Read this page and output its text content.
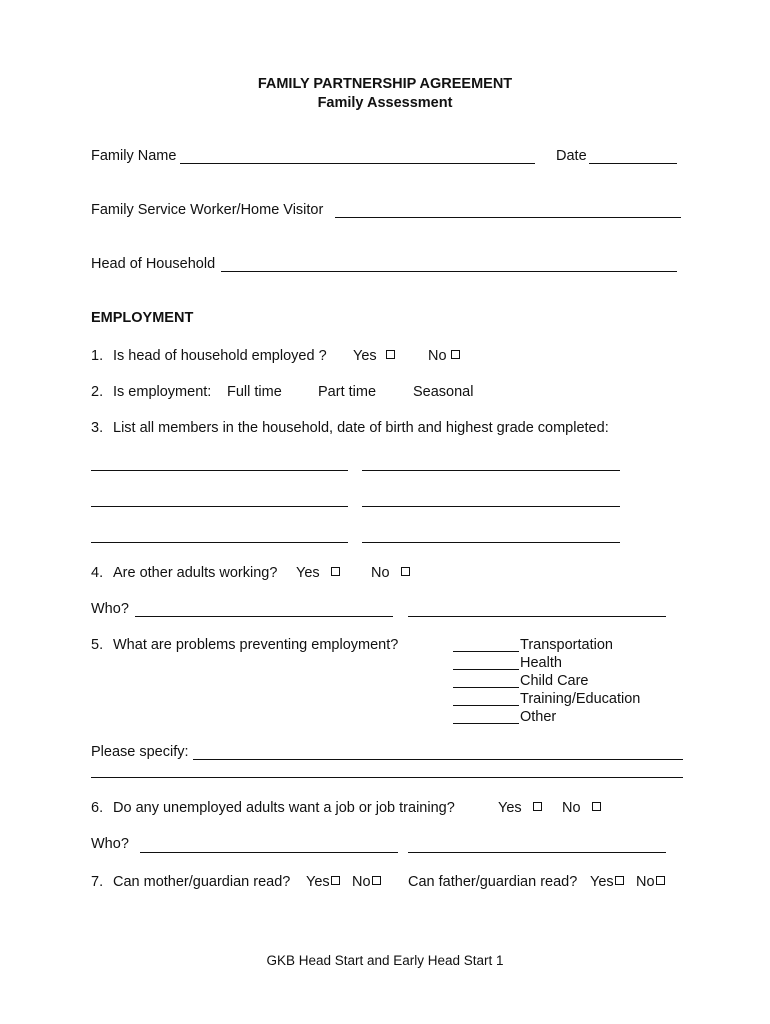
FAMILY PARTNERSHIP AGREEMENT
Family Assessment
Family Name	Date
Family Service Worker/Home Visitor
Head of Household
EMPLOYMENT
1. Is head of household employed ? Yes	No
2. Is employment: Full time Part time	Seasonal
3. List all members in the household, date of birth and highest grade completed:
4. Are other adults working? Yes	No
Who?
5. What are problems preventing employment?	Transportation
Health
Child Care
Training/Education
Other
Please specify:
6. Do any unemployed adults want a job or job training?	Yes	No
Who?
7. Can mother/guardian read? Yes	No	Can father/guardian read? Yes	No
GKB Head Start and Early Head Start 1
